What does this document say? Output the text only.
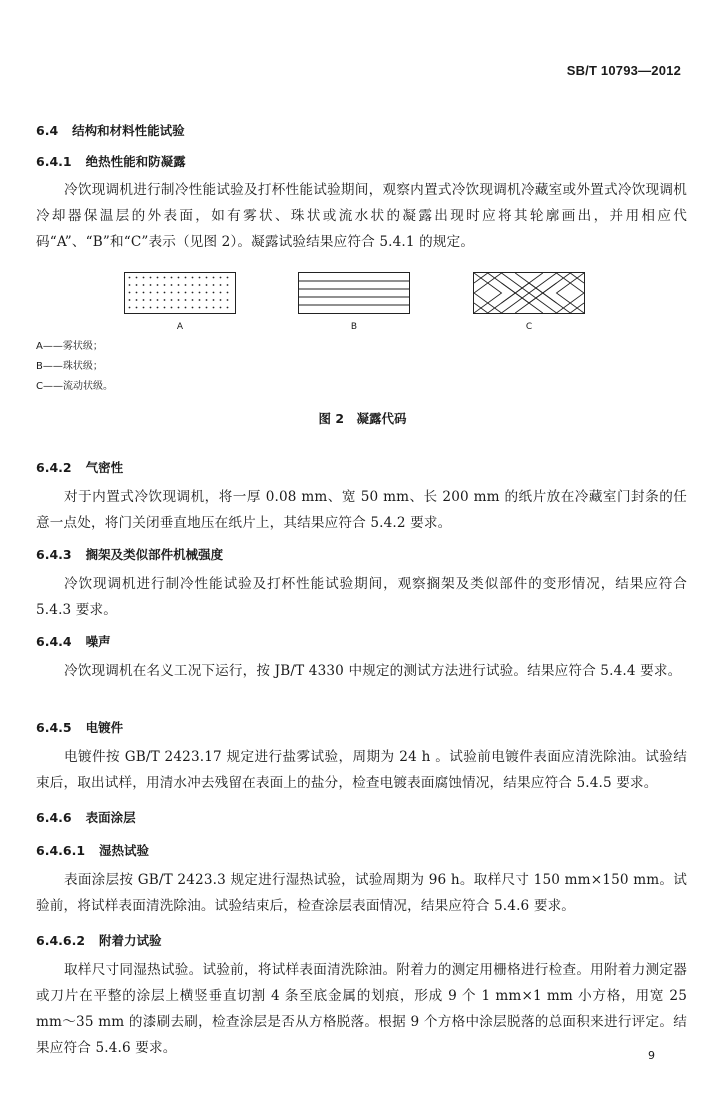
SB/T 10793—2012
6.4 结构和材料性能试验
6.4.1 绝热性能和防凝露
冷饮现调机进行制冷性能试验及打杯性能试验期间，观察内置式冷饮现调机冷藏室或外置式冷饮现调机冷却器保温层的外表面，如有雾状、珠状或流水状的凝露出现时应将其轮廓画出，并用相应代码“A”、“B”和“C”表示（见图 2）。凝露试验结果应符合 5.4.1 的规定。
A	B	C
A——雾状级；
B——珠状级；
C——流动状级。
图 2　凝露代码
6.4.2 气密性
对于内置式冷饮现调机，将一厚 0.08 mm、宽 50 mm、长 200 mm 的纸片放在冷藏室门封条的任意一点处，将门关闭垂直地压在纸片上，其结果应符合 5.4.2 要求。
6.4.3 搁架及类似部件机械强度
冷饮现调机进行制冷性能试验及打杯性能试验期间，观察搁架及类似部件的变形情况，结果应符合 5.4.3 要求。
6.4.4 噪声
冷饮现调机在名义工况下运行，按 JB/T 4330 中规定的测试方法进行试验。结果应符合 5.4.4 要求。
6.4.5 电镀件
电镀件按 GB/T 2423.17 规定进行盐雾试验，周期为 24 h 。试验前电镀件表面应清洗除油。试验结束后，取出试样，用清水冲去残留在表面上的盐分，检查电镀表面腐蚀情况，结果应符合 5.4.5 要求。
6.4.6 表面涂层
6.4.6.1 湿热试验
表面涂层按 GB/T 2423.3 规定进行湿热试验，试验周期为 96 h。取样尺寸 150 mm×150 mm。试验前，将试样表面清洗除油。试验结束后，检查涂层表面情况，结果应符合 5.4.6 要求。
6.4.6.2 附着力试验
取样尺寸同湿热试验。试验前，将试样表面清洗除油。附着力的测定用栅格进行检查。用附着力测定器或刀片在平整的涂层上横竖垂直切割 4 条至底金属的划痕，形成 9 个 1 mm×1 mm 小方格，用宽 25 mm～35 mm 的漆刷去刷，检查涂层是否从方格脱落。根据 9 个方格中涂层脱落的总面积来进行评定。结果应符合 5.4.6 要求。	9
